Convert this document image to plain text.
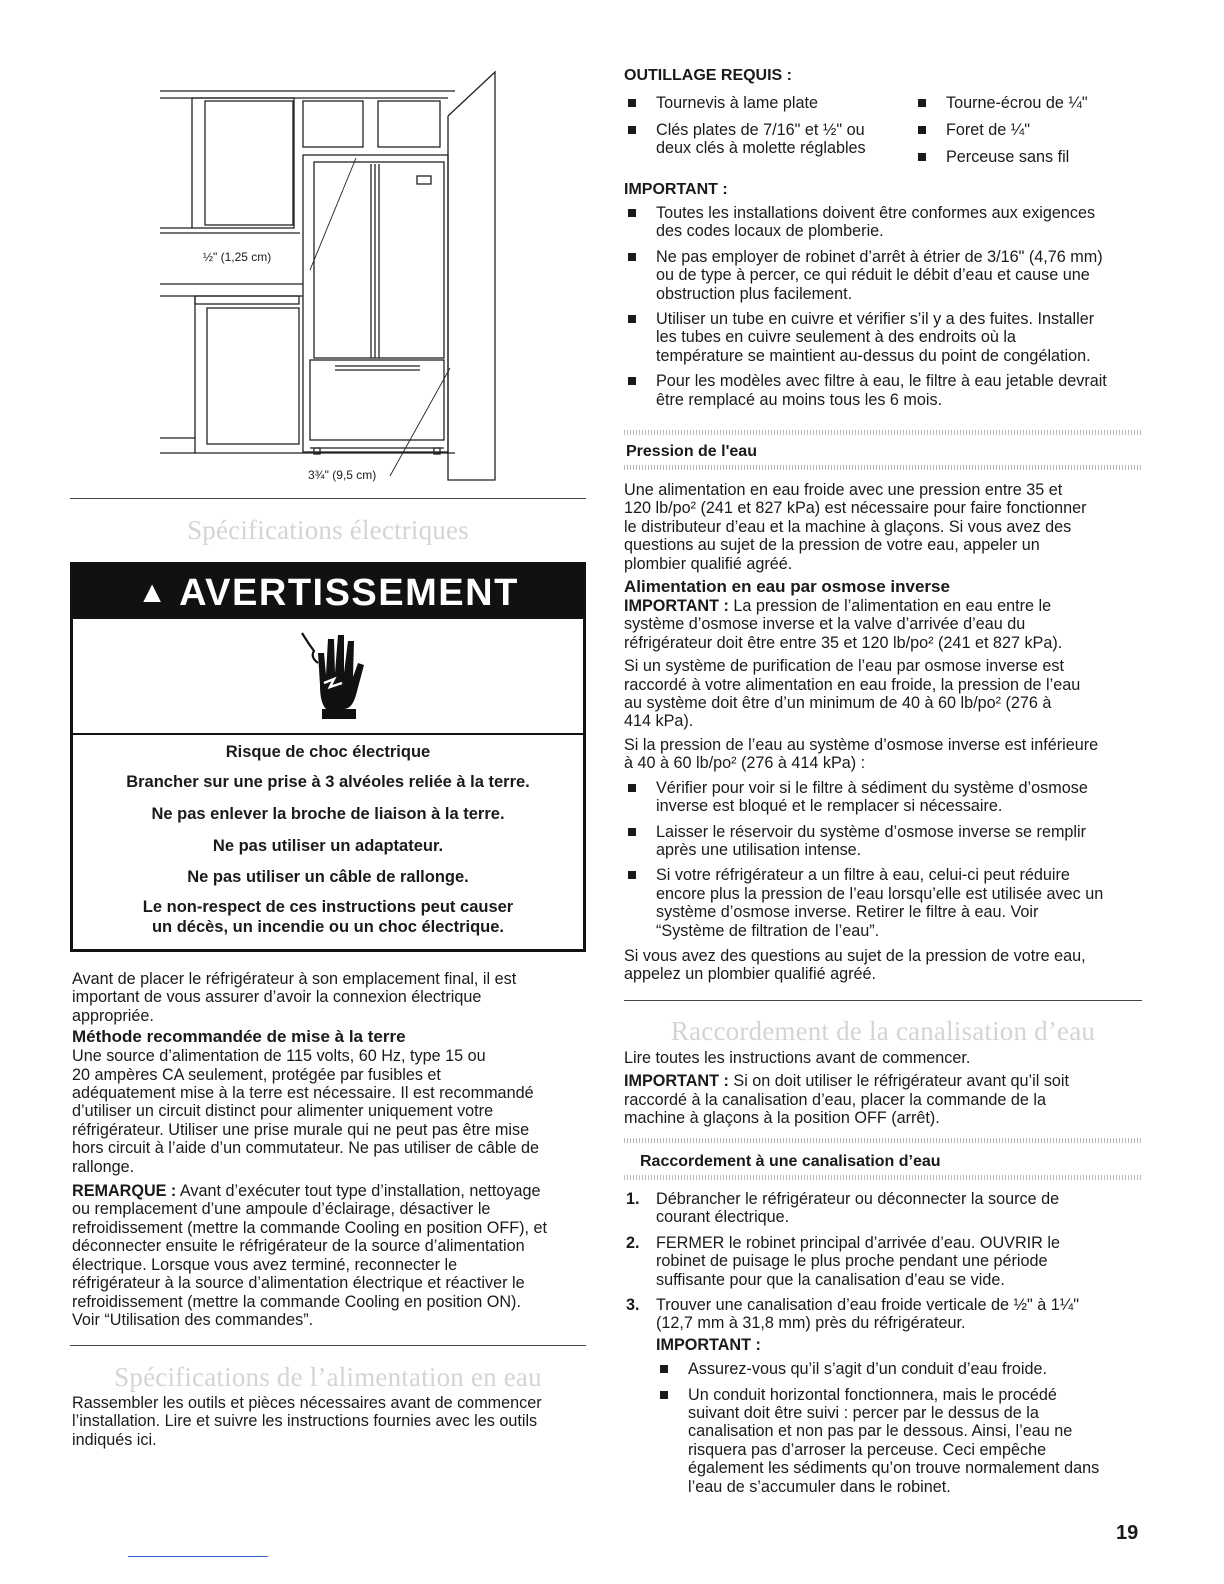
½" (1,25 cm)
3¾" (9,5 cm)
Spécifications électriques
▲ AVERTISSEMENT
Risque de choc électrique
Brancher sur une prise à 3 alvéoles reliée à la terre.
Ne pas enlever la broche de liaison à la terre.
Ne pas utiliser un adaptateur.
Ne pas utiliser un câble de rallonge.
Le non-respect de ces instructions peut causer
un décès, un incendie ou un choc électrique.
Avant de placer le réfrigérateur à son emplacement final, il est
important de vous assurer d’avoir la connexion électrique
appropriée.
Méthode recommandée de mise à la terre
Une source d’alimentation de 115 volts, 60 Hz, type 15 ou
20 ampères CA seulement, protégée par fusibles et
adéquatement mise à la terre est nécessaire. Il est recommandé
d’utiliser un circuit distinct pour alimenter uniquement votre
réfrigérateur. Utiliser une prise murale qui ne peut pas être mise
hors circuit à l’aide d’un commutateur. Ne pas utiliser de câble de
rallonge.
REMARQUE : Avant d’exécuter tout type d’installation, nettoyage
ou remplacement d’une ampoule d’éclairage, désactiver le
refroidissement (mettre la commande Cooling en position OFF), et
déconnecter ensuite le réfrigérateur de la source d’alimentation
électrique. Lorsque vous avez terminé, reconnecter le
réfrigérateur à la source d’alimentation électrique et réactiver le
refroidissement (mettre la commande Cooling en position ON).
Voir “Utilisation des commandes”.
Spécifications de l’alimentation en eau
Rassembler les outils et pièces nécessaires avant de commencer
l’installation. Lire et suivre les instructions fournies avec les outils
indiqués ici.
OUTILLAGE REQUIS :
Tournevis à lame plate
Clés plates de 7/16" et ½" ou
deux clés à molette réglables
Tourne-écrou de ¼"
Foret de ¼"
Perceuse sans fil
IMPORTANT :
Toutes les installations doivent être conformes aux exigences
des codes locaux de plomberie.
Ne pas employer de robinet d’arrêt à étrier de 3/16" (4,76 mm)
ou de type à percer, ce qui réduit le débit d’eau et cause une
obstruction plus facilement.
Utiliser un tube en cuivre et vérifier s’il y a des fuites. Installer
les tubes en cuivre seulement à des endroits où la
température se maintient au-dessus du point de congélation.
Pour les modèles avec filtre à eau, le filtre à eau jetable devrait
être remplacé au moins tous les 6 mois.
Pression de l'eau
Une alimentation en eau froide avec une pression entre 35 et
120 lb/po² (241 et 827 kPa) est nécessaire pour faire fonctionner
le distributeur d’eau et la machine à glaçons. Si vous avez des
questions au sujet de la pression de votre eau, appeler un
plombier qualifié agréé.
Alimentation en eau par osmose inverse
IMPORTANT : La pression de l’alimentation en eau entre le
système d’osmose inverse et la valve d’arrivée d’eau du
réfrigérateur doit être entre 35 et 120 lb/po² (241 et 827 kPa).
Si un système de purification de l’eau par osmose inverse est
raccordé à votre alimentation en eau froide, la pression de l’eau
au système doit être d’un minimum de 40 à 60 lb/po² (276 à
414 kPa).
Si la pression de l’eau au système d’osmose inverse est inférieure
à 40 à 60 lb/po² (276 à 414 kPa) :
Vérifier pour voir si le filtre à sédiment du système d’osmose
inverse est bloqué et le remplacer si nécessaire.
Laisser le réservoir du système d’osmose inverse se remplir
après une utilisation intense.
Si votre réfrigérateur a un filtre à eau, celui-ci peut réduire
encore plus la pression de l’eau lorsqu’elle est utilisée avec un
système d’osmose inverse. Retirer le filtre à eau. Voir
“Système de filtration de l’eau”.
Si vous avez des questions au sujet de la pression de votre eau,
appelez un plombier qualifié agréé.
Raccordement de la canalisation d’eau
Lire toutes les instructions avant de commencer.
IMPORTANT : Si on doit utiliser le réfrigérateur avant qu’il soit
raccordé à la canalisation d’eau, placer la commande de la
machine à glaçons à la position OFF (arrêt).
Raccordement à une canalisation d’eau
1. Débrancher le réfrigérateur ou déconnecter la source de
courant électrique.
2. FERMER le robinet principal d’arrivée d’eau. OUVRIR le
robinet de puisage le plus proche pendant une période
suffisante pour que la canalisation d’eau se vide.
3. Trouver une canalisation d’eau froide verticale de ½" à 1¼"
(12,7 mm à 31,8 mm) près du réfrigérateur.
IMPORTANT :
Assurez-vous qu’il s’agit d’un conduit d’eau froide.
Un conduit horizontal fonctionnera, mais le procédé
suivant doit être suivi : percer par le dessus de la
canalisation et non pas par le dessous. Ainsi, l’eau ne
risquera pas d’arroser la perceuse. Ceci empêche
également les sédiments qu’on trouve normalement dans
l’eau de s’accumuler dans le robinet.
19
